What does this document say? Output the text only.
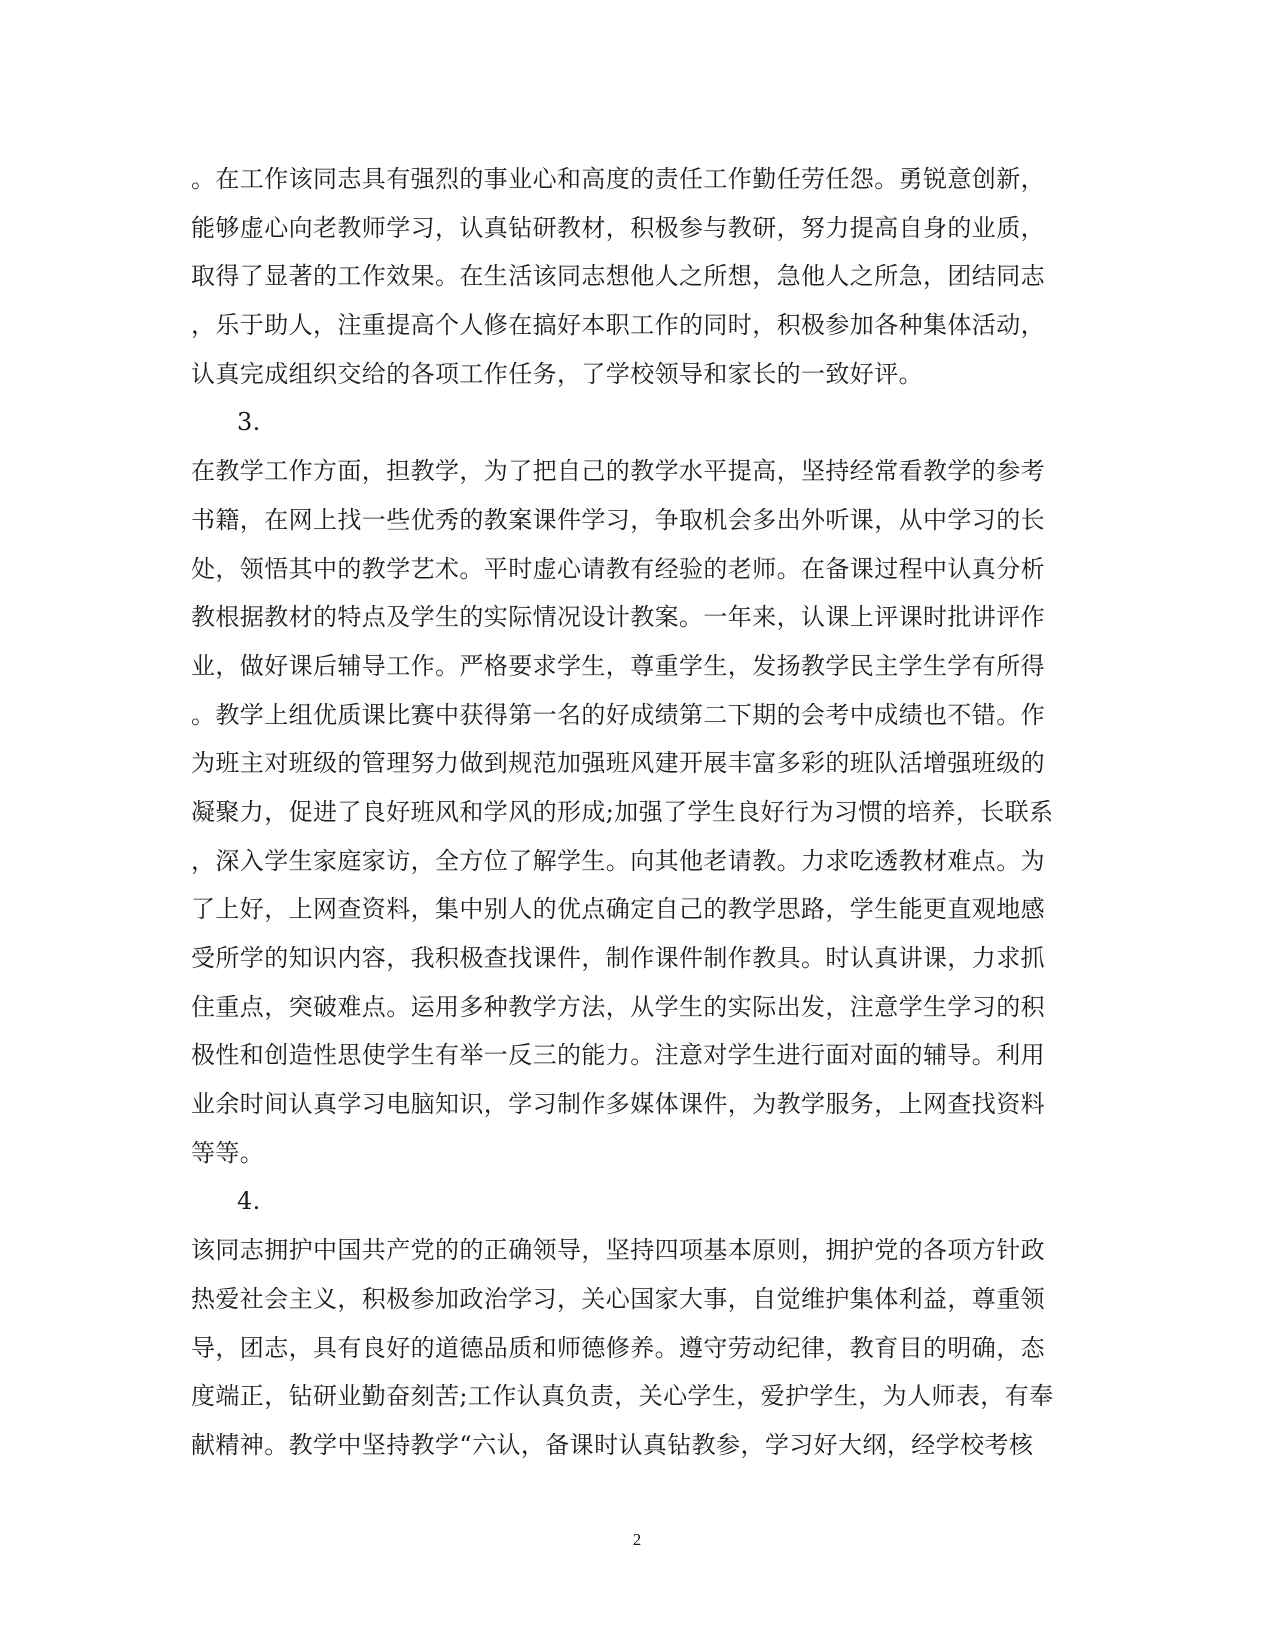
。在工作该同志具有强烈的事业心和高度的责任工作勤任劳任怨。勇锐意创新，
能够虚心向老教师学习，认真钻研教材，积极参与教研，努力提高自身的业质，
取得了显著的工作效果。在生活该同志想他人之所想，急他人之所急，团结同志
，乐于助人，注重提高个人修在搞好本职工作的同时，积极参加各种集体活动，
认真完成组织交给的各项工作任务，了学校领导和家长的一致好评。
3.
在教学工作方面，担教学，为了把自己的教学水平提高，坚持经常看教学的参考
书籍，在网上找一些优秀的教案课件学习，争取机会多出外听课，从中学习的长
处，领悟其中的教学艺术。平时虚心请教有经验的老师。在备课过程中认真分析
教根据教材的特点及学生的实际情况设计教案。一年来，认课上评课时批讲评作
业，做好课后辅导工作。严格要求学生，尊重学生，发扬教学民主学生学有所得
。教学上组优质课比赛中获得第一名的好成绩第二下期的会考中成绩也不错。作
为班主对班级的管理努力做到规范加强班风建开展丰富多彩的班队活增强班级的
凝聚力，促进了良好班风和学风的形成;加强了学生良好行为习惯的培养，长联系
，深入学生家庭家访，全方位了解学生。向其他老请教。力求吃透教材难点。为
了上好，上网查资料，集中别人的优点确定自己的教学思路，学生能更直观地感
受所学的知识内容，我积极查找课件，制作课件制作教具。时认真讲课，力求抓
住重点，突破难点。运用多种教学方法，从学生的实际出发，注意学生学习的积
极性和创造性思使学生有举一反三的能力。注意对学生进行面对面的辅导。利用
业余时间认真学习电脑知识，学习制作多媒体课件，为教学服务，上网查找资料
等等。
4.
该同志拥护中国共产党的的正确领导，坚持四项基本原则，拥护党的各项方针政
热爱社会主义，积极参加政治学习，关心国家大事，自觉维护集体利益，尊重领
导，团志，具有良好的道德品质和师德修养。遵守劳动纪律，教育目的明确，态
度端正，钻研业勤奋刻苦;工作认真负责，关心学生，爱护学生，为人师表，有奉
献精神。教学中坚持教学“六认，备课时认真钻教参，学习好大纲，经学校考核
2
